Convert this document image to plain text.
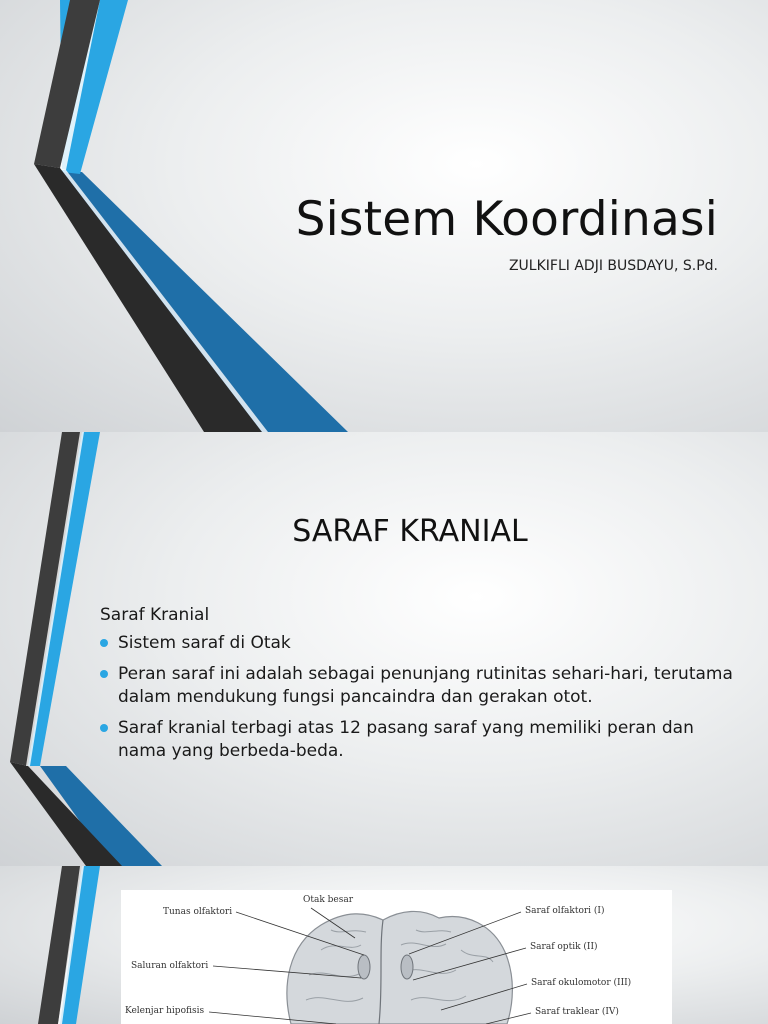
Sistem Koordinasi
ZULKIFLI ADJI BUSDAYU, S.Pd.
SARAF KRANIAL
Saraf Kranial
Sistem saraf di Otak
Peran saraf ini adalah sebagai penunjang rutinitas sehari-hari, terutama dalam mendukung fungsi pancaindra dan gerakan otot.
Saraf kranial terbagi atas 12 pasang saraf yang memiliki peran dan nama yang berbeda-beda.
Otak besar
Tunas olfaktori
Saluran olfaktori
Kelenjar hipofisis
Saraf olfaktori (I)
Saraf optik (II)
Saraf okulomotor (III)
Saraf traklear (IV)
